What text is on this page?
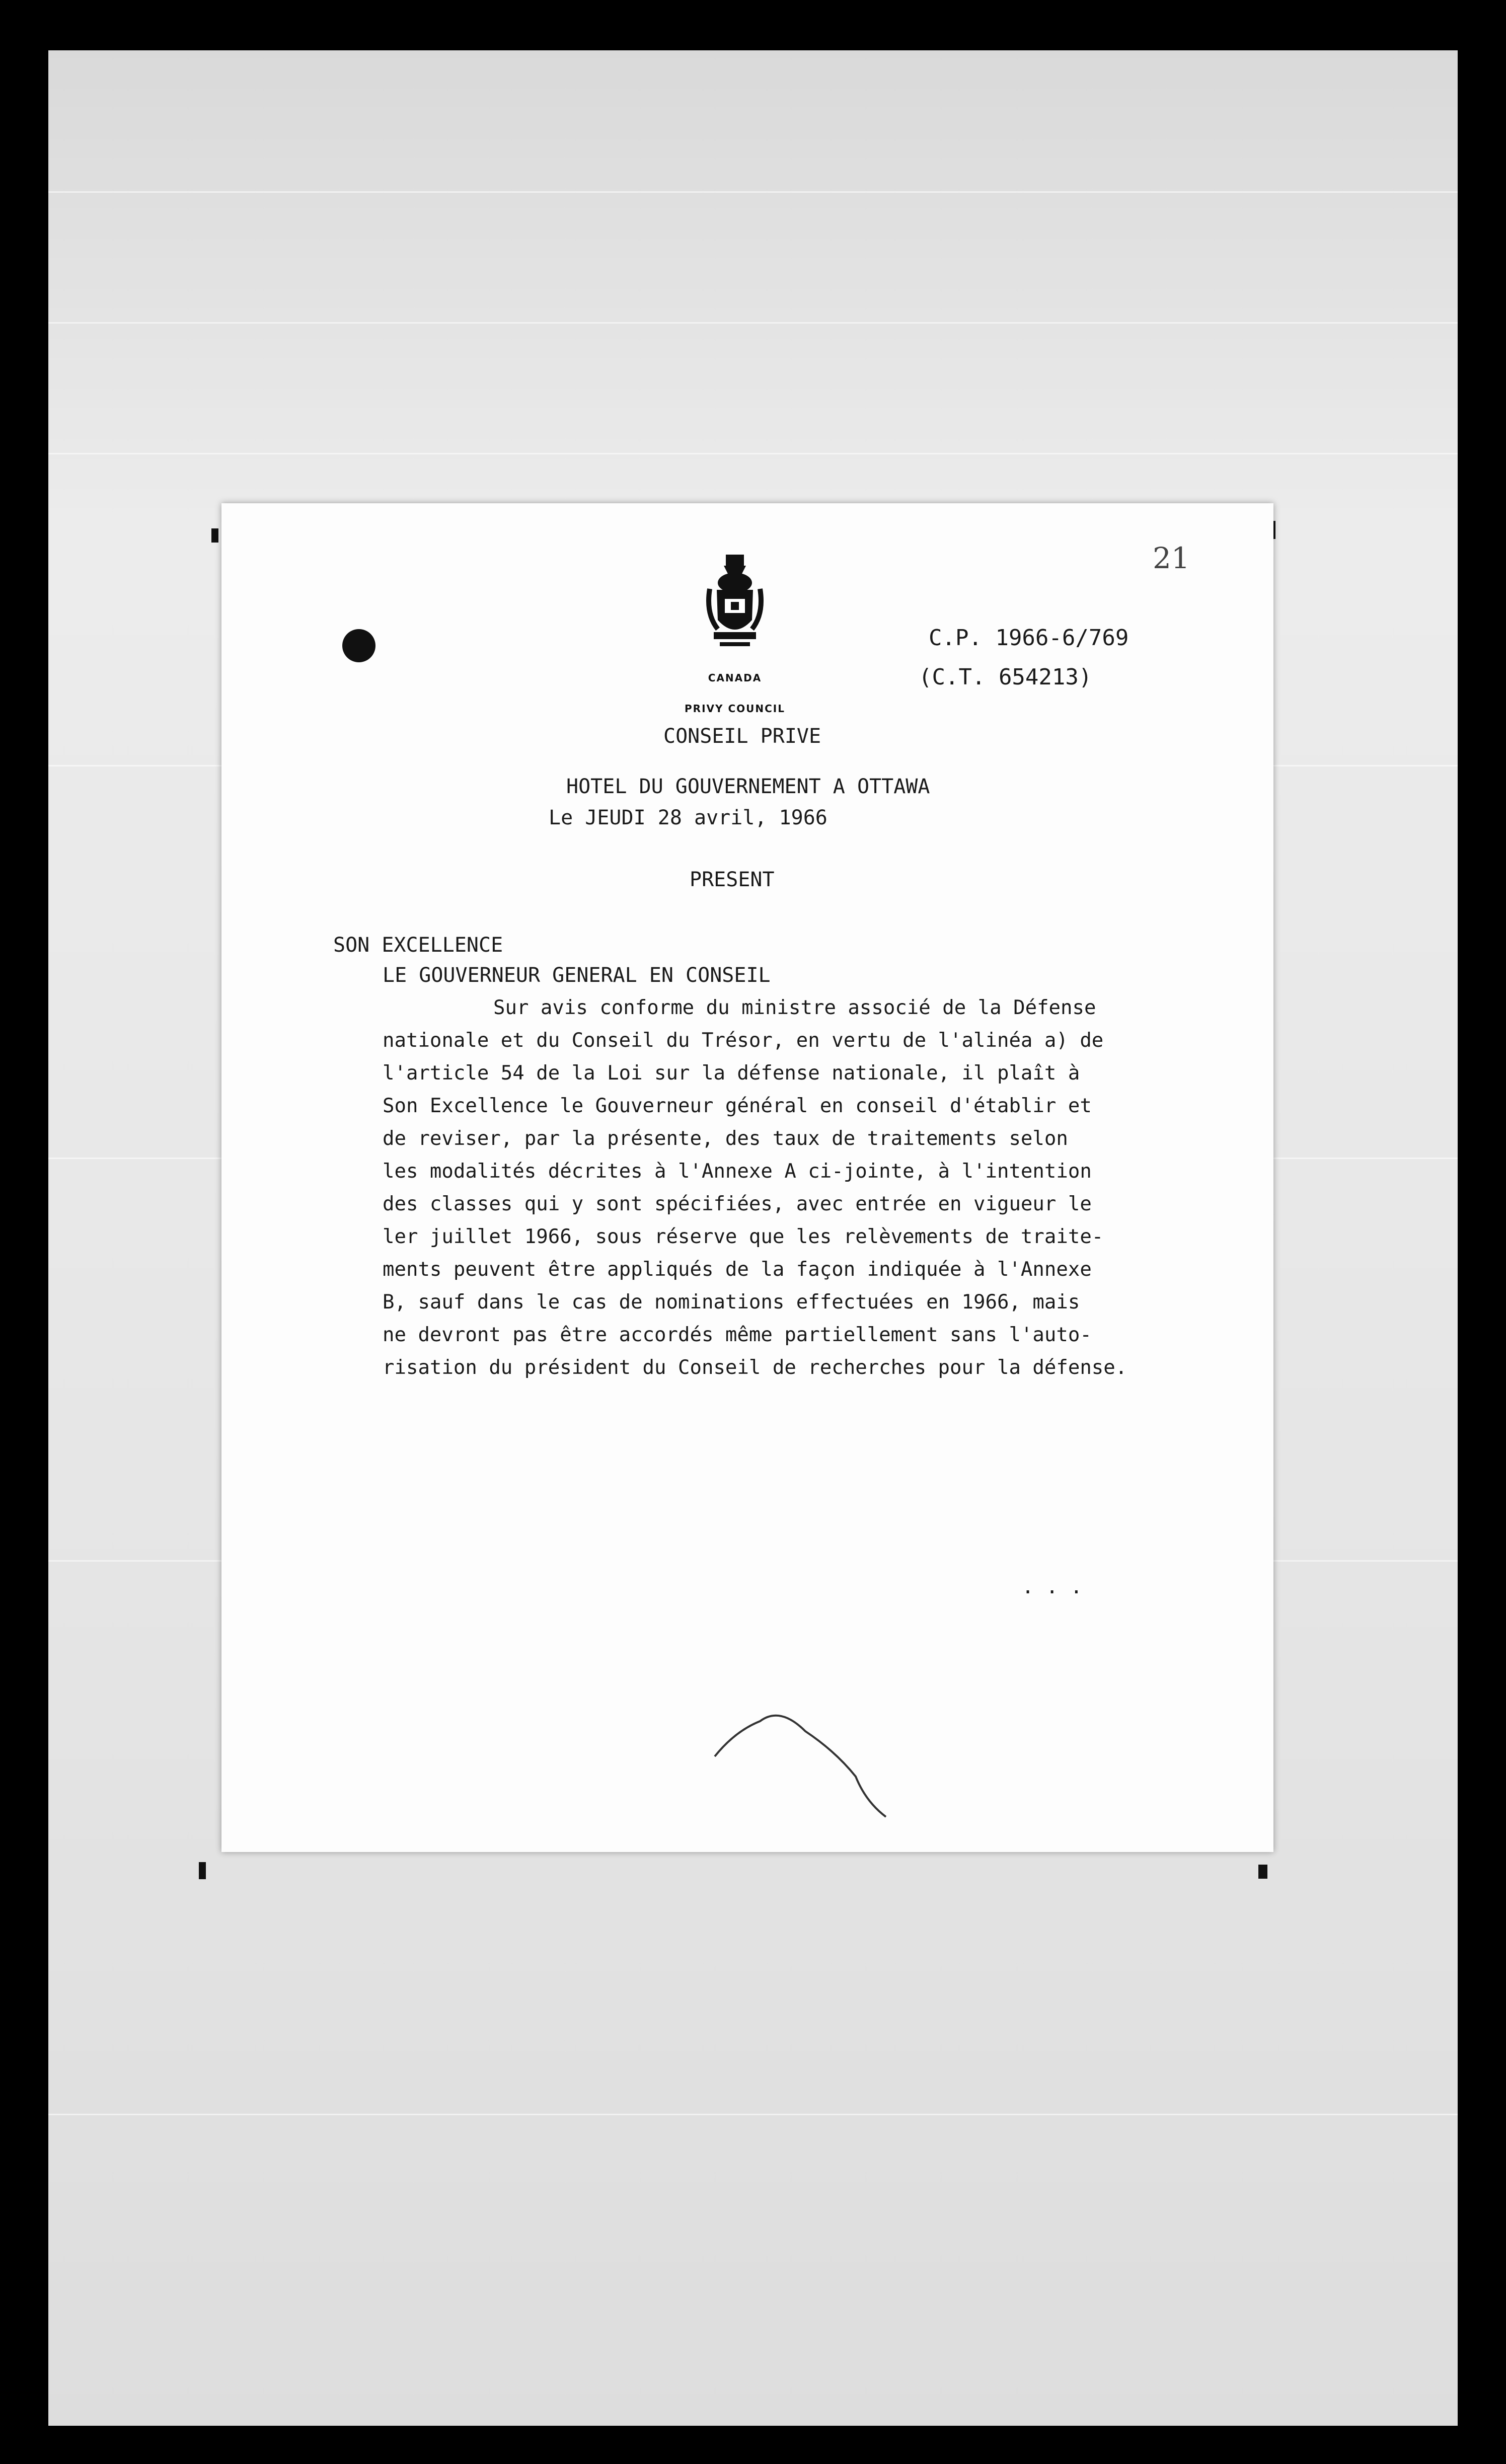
21
CANADA
PRIVY COUNCIL
CONSEIL PRIVE
C.P. 1966-6/769
(C.T. 654213)
HOTEL DU GOUVERNEMENT A OTTAWA
Le JEUDI 28 avril, 1966
PRESENT
SON EXCELLENCE
LE GOUVERNEUR GENERAL EN CONSEIL
Sur avis conforme du ministre associé de la Défense
nationale et du Conseil du Trésor, en vertu de l'alinéa a) de
l'article 54 de la Loi sur la défense nationale, il plaît à
Son Excellence le Gouverneur général en conseil d'établir et
de reviser, par la présente, des taux de traitements selon
les modalités décrites à l'Annexe A ci-jointe, à l'intention
des classes qui y sont spécifiées, avec entrée en vigueur le
ler juillet 1966, sous réserve que les relèvements de traite-
ments peuvent être appliqués de la façon indiquée à l'Annexe
B, sauf dans le cas de nominations effectuées en 1966, mais
ne devront pas être accordés même partiellement sans l'auto-
risation du président du Conseil de recherches pour la défense.
. . .
